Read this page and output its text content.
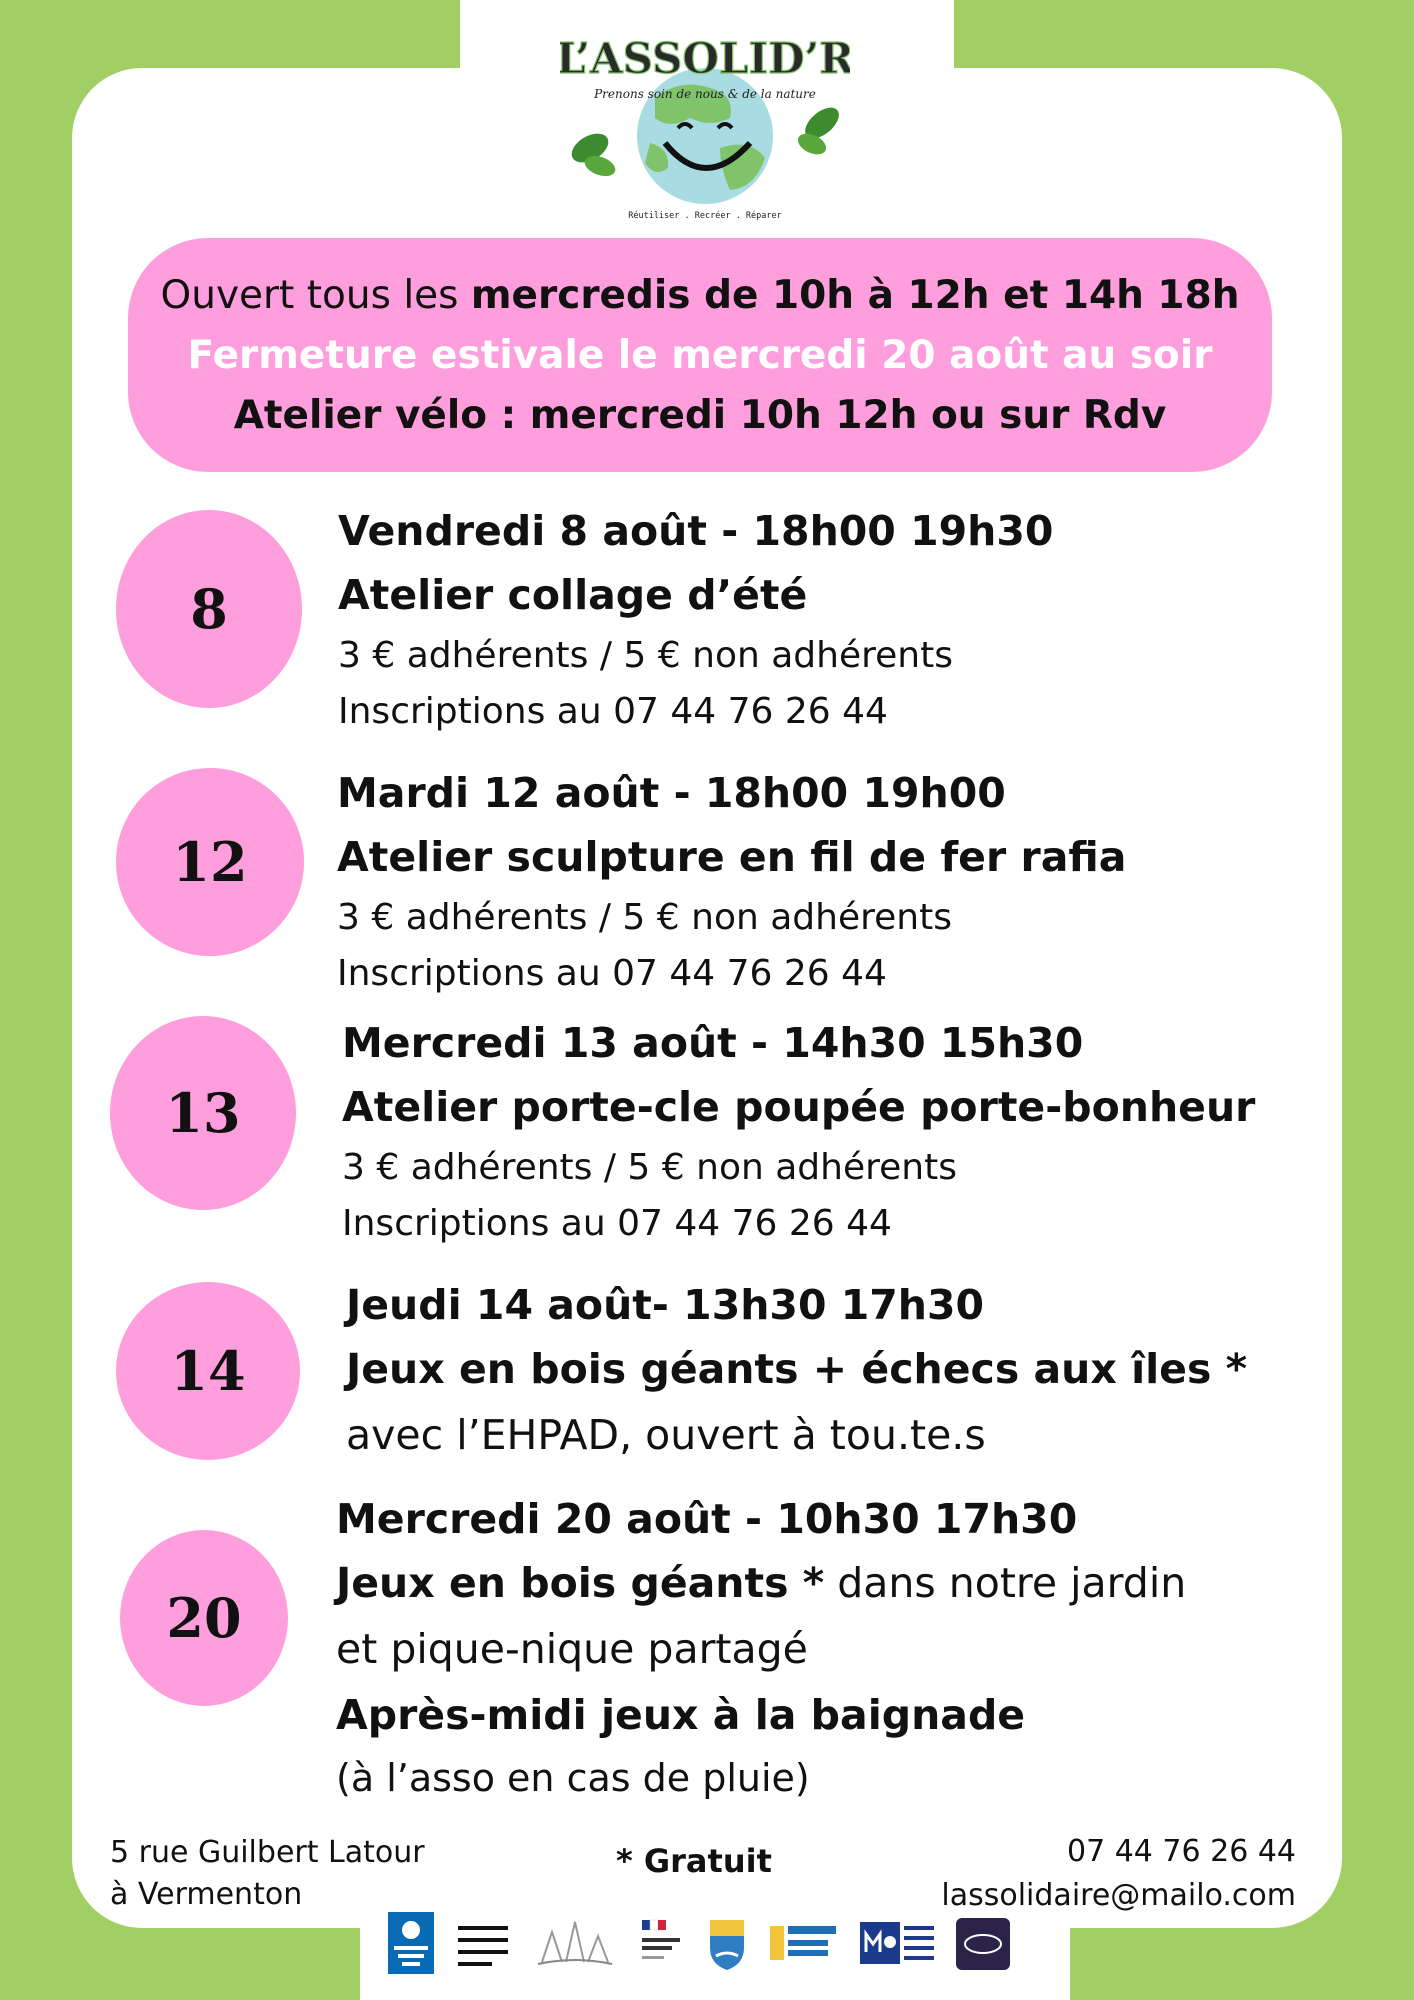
L’ASSOLID’R
Prenons soin de nous & de la nature
Réutiliser . Recréer . Réparer
Ouvert tous les mercredis de 10h à 12h et 14h 18h
Fermeture estivale le mercredi 20 août au soir
Atelier vélo : mercredi 10h 12h ou sur Rdv
8
Vendredi 8 août - 18h00 19h30
Atelier collage d’été
3 € adhérents / 5 € non adhérents
Inscriptions au 07 44 76 26 44
12
Mardi 12 août - 18h00 19h00
Atelier sculpture en fil de fer rafia
3 € adhérents / 5 € non adhérents
Inscriptions au 07 44 76 26 44
13
Mercredi 13 août - 14h30 15h30
Atelier porte-cle poupée porte-bonheur
3 € adhérents / 5 € non adhérents
Inscriptions au 07 44 76 26 44
14
Jeudi 14 août- 13h30 17h30
Jeux en bois géants + échecs aux îles *
avec l’EHPAD, ouvert à tou.te.s
20
Mercredi 20 août - 10h30 17h30
Jeux en bois géants * dans notre jardin
et pique-nique partagé
Après-midi jeux à la baignade
(à l’asso en cas de pluie)
5 rue Guilbert Latour
à Vermenton
* Gratuit	07 44 76 26 44
lassolidaire@mailo.com
